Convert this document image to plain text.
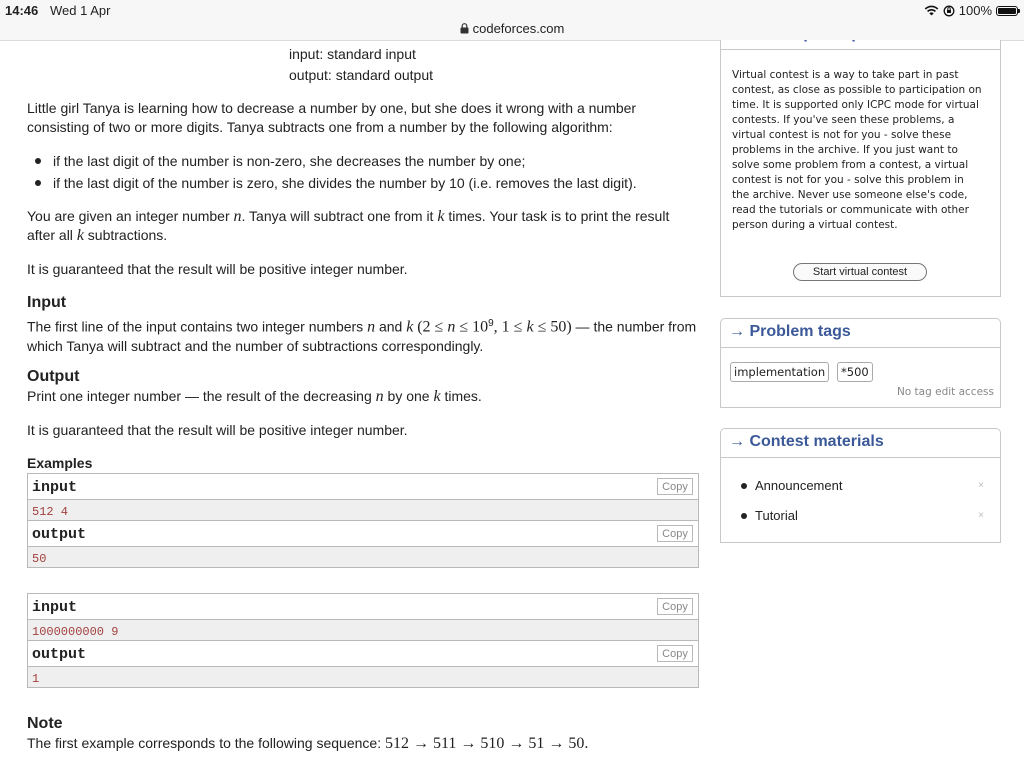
14:46 Wed 1 Apr	100%
codeforces.com
input: standard input
output: standard output
Little girl Tanya is learning how to decrease a number by one, but she does it wrong with a number consisting of two or more digits. Tanya subtracts one from a number by the following algorithm:
if the last digit of the number is non-zero, she decreases the number by one;
if the last digit of the number is zero, she divides the number by 10 (i.e. removes the last digit).
You are given an integer number n. Tanya will subtract one from it k times. Your task is to print the result after all k subtractions.
It is guaranteed that the result will be positive integer number.
Input
The first line of the input contains two integer numbers n and k ($2 \le n \le 10^9$, 1 ≤ k ≤ 50) — the number from which Tanya will subtract and the number of subtractions correspondingly.
Output
Print one integer number — the result of the decreasing n by one k times.
It is guaranteed that the result will be positive integer number.
Examples
input	Copy
512 4
output	Copy
50
input	Copy
1000000000 9
output	Copy
1
Note
The first example corresponds to the following sequence: 512 → 511 → 510 → 51 → 50.
Virtual contest is a way to take part in past contest, as close as possible to participation on time. It is supported only ICPC mode for virtual contests. If you've seen these problems, a virtual contest is not for you - solve these problems in the archive. If you just want to solve some problem from a contest, a virtual contest is not for you - solve this problem in the archive. Never use someone else's code, read the tutorials or communicate with other person during a virtual contest.
Start virtual contest
→ Problem tags
implementation	*500
No tag edit access
→ Contest materials
Announcement	×
Tutorial	×
